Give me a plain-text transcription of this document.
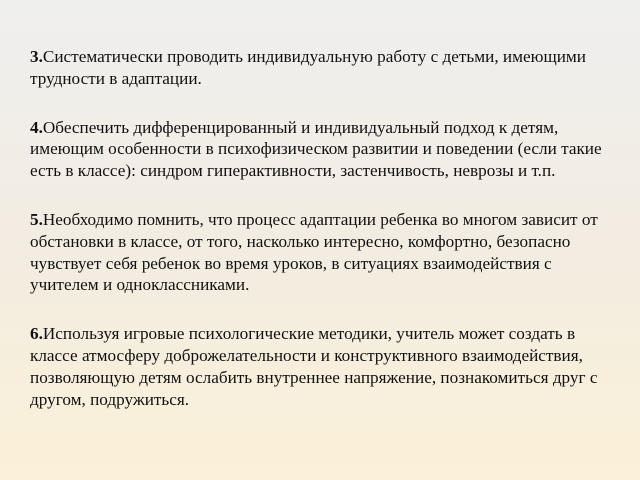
3.Систематически проводить индивидуальную работу с детьми, имеющими трудности в адаптации.

4.Обеспечить дифференцированный и индивидуальный подход к детям, имеющим особенности в психофизическом развитии и поведении (если такие есть в классе): синдром гиперактивности, застенчивость, неврозы и т.п.

5.Необходимо помнить, что процесс адаптации ребенка во многом зависит от обстановки в классе, от того, насколько интересно, комфортно, безопасно чувствует себя ребенок во время уроков, в ситуациях взаимодействия с учителем и одноклассниками.

6.Используя игровые психологические методики, учитель может создать в классе атмосферу доброжелательности и конструктивного взаимодействия, позволяющую детям ослабить внутреннее напряжение, познакомиться друг с другом, подружиться.
